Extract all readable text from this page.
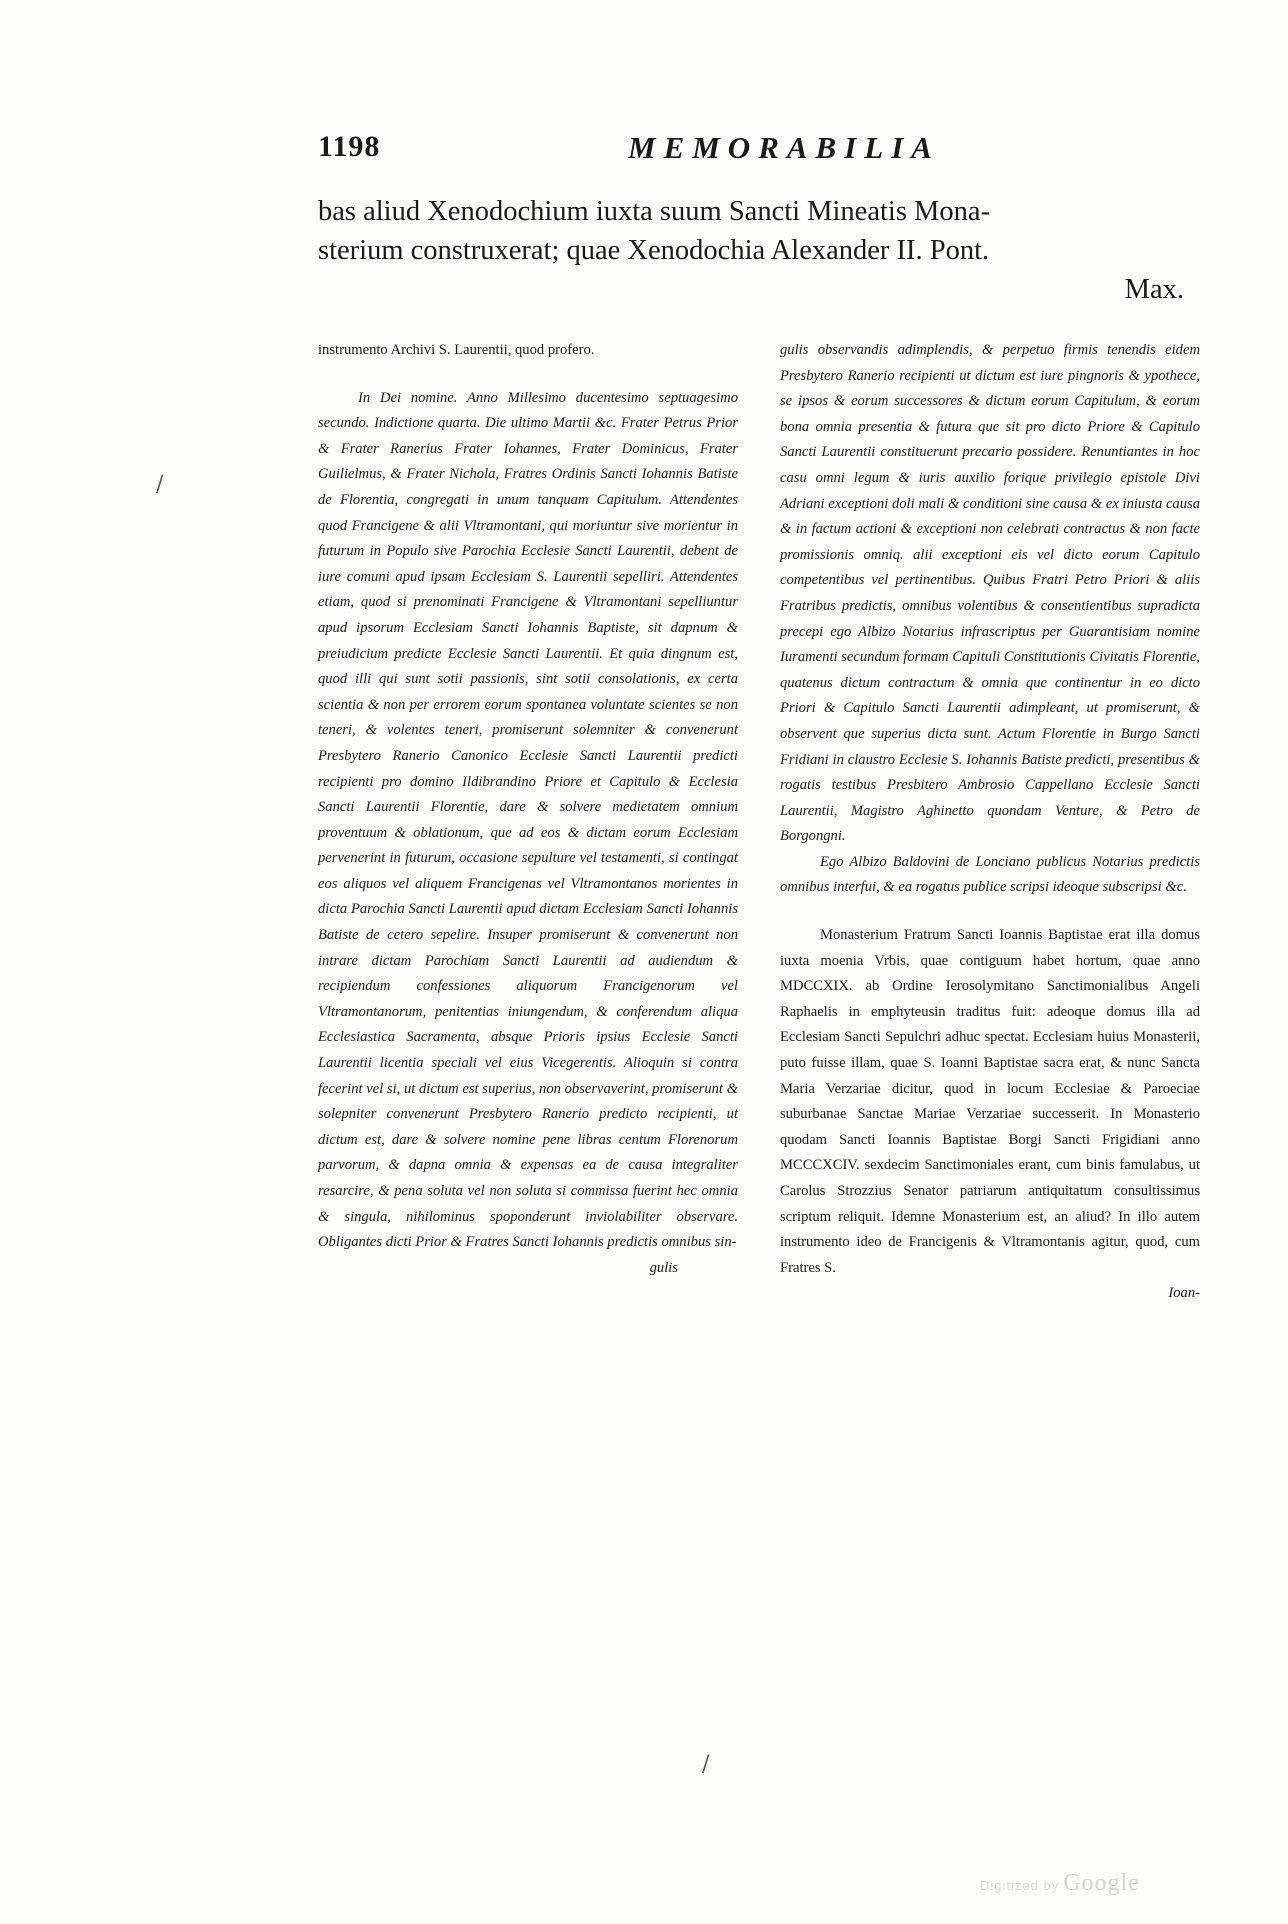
1198	MEMORABILIA
bas aliud Xenodochium iuxta suum Sancti Mineatis Mona-
sterium construxerat; quae Xenodochia Alexander II. Pont.
Max.

instrumento Archivi S. Laurentii, quod profero.

In Dei nomine. Anno Millesimo ducentesimo septuagesimo secundo. Indictione quarta. Die ultimo Martii &c. Frater Petrus Prior & Frater Ranerius Frater Iohannes, Frater Dominicus, Frater Guilielmus, & Frater Nichola, Fratres Ordinis Sancti Iohannis Batiste de Florentia, congregati in unum tanquam Capitulum. Attendentes quod Francigene & alii Vltramontani, qui moriuntur sive morientur in futurum in Populo sive Parochia Ecclesie Sancti Laurentii, debent de iure comuni apud ipsam Ecclesiam S. Laurentii sepelliri. Attendentes etiam, quod si prenominati Francigene & Vltramontani sepelliuntur apud ipsorum Ecclesiam Sancti Iohannis Baptiste, sit dapnum & preiudicium predicte Ecclesie Sancti Laurentii. Et quia dingnum est, quod illi qui sunt sotii passionis, sint sotii consolationis, ex certa scientia & non per errorem eorum spontanea voluntate scientes se non teneri, & volentes teneri, promiserunt solemniter & convenerunt Presbytero Ranerio Canonico Ecclesie Sancti Laurentii predicti recipienti pro domino Ildibrandino Priore et Capitulo & Ecclesia Sancti Laurentii Florentie, dare & solvere medietatem omnium proventuum & oblationum, que ad eos & dictam eorum Ecclesiam pervenerint in futurum, occasione sepulture vel testamenti, si contingat eos aliquos vel aliquem Francigenas vel Vltramontanos morientes in dicta Parochia Sancti Laurentii apud dictam Ecclesiam Sancti Iohannis Batiste de cetero sepelire. Insuper promiserunt & convenerunt non intrare dictam Parochiam Sancti Laurentii ad audiendum & recipiendum confessiones aliquorum Francigenorum vel Vltramontanorum, penitentias iniungendum, & conferendum aliqua Ecclesiastica Sacramenta, absque Prioris ipsius Ecclesie Sancti Laurentii licentia speciali vel eius Vicegerentis. Alioquin si contra fecerint vel si, ut dictum est superius, non observaverint, promiserunt & solepniter convenerunt Presbytero Ranerio predicto recipienti, ut dictum est, dare & solvere nomine pene libras centum Florenorum parvorum, & dapna omnia & expensas ea de causa integraliter resarcire, & pena soluta vel non soluta si commissa fuerint hec omnia & singula, nihilominus spoponderunt inviolabiliter observare. Obligantes dicti Prior & Fratres Sancti Iohannis predictis omnibus sin-

gulis

gulis observandis adimplendis, & perpetuo firmis tenendis eidem Presbytero Ranerio recipienti ut dictum est iure pingnoris & ypothece, se ipsos & eorum successores & dictum eorum Capitulum, & eorum bona omnia presentia & futura que sit pro dicto Priore & Capitulo Sancti Laurentii constituerunt precario possidere. Renuntiantes in hoc casu omni legum & iuris auxilio forique privilegio epistole Divi Adriani exceptioni doli mali & conditioni sine causa & ex iniusta causa & in factum actioni & exceptioni non celebrati contractus & non facte promissionis omniq. alii exceptioni eis vel dicto eorum Capitulo competentibus vel pertinentibus. Quibus Fratri Petro Priori & aliis Fratribus predictis, omnibus volentibus & consentientibus supradicta precepi ego Albizo Notarius infrascriptus per Guarantisiam nomine Iuramenti secundum formam Capituli Constitutionis Civitatis Florentie, quatenus dictum contractum & omnia que continentur in eo dicto Priori & Capitulo Sancti Laurentii adimpleant, ut promiserunt, & observent que superius dicta sunt. Actum Florentie in Burgo Sancti Fridiani in claustro Ecclesie S. Iohannis Batiste predicti, presentibus & rogatis testibus Presbitero Ambrosio Cappellano Ecclesie Sancti Laurentii, Magistro Aghinetto quondam Venture, & Petro de Borgongni.

Ego Albizo Baldovini de Lonciano publicus Notarius predictis omnibus interfui, & ea rogatus publice scripsi ideoque subscripsi &c.

Monasterium Fratrum Sancti Ioannis Baptistae erat illa domus iuxta moenia Vrbis, quae contiguum habet hortum, quae anno MDCCXIX. ab Ordine Ierosolymitano Sanctimonialibus Angeli Raphaelis in emphyteusin traditus fuit: adeoque domus illa ad Ecclesiam Sancti Sepulchri adhuc spectat. Ecclesiam huius Monasterii, puto fuisse illam, quae S. Ioanni Baptistae sacra erat, & nunc Sancta Maria Verzariae dicitur, quod in locum Ecclesiae & Paroeciae suburbanae Sanctae Mariae Verzariae successerit. In Monasterio quodam Sancti Ioannis Baptistae Borgi Sancti Frigidiani anno MCCCXCIV. sexdecim Sanctimoniales erant, cum binis famulabus, ut Carolus Strozzius Senator patriarum antiquitatum consultissimus scriptum reliquit. Idemne Monasterium est, an aliud? In illo autem instrumento ideo de Francigenis & Vltramontanis agitur, quod, cum Fratres S.

Ioan-

/
/
Digitized by Google
